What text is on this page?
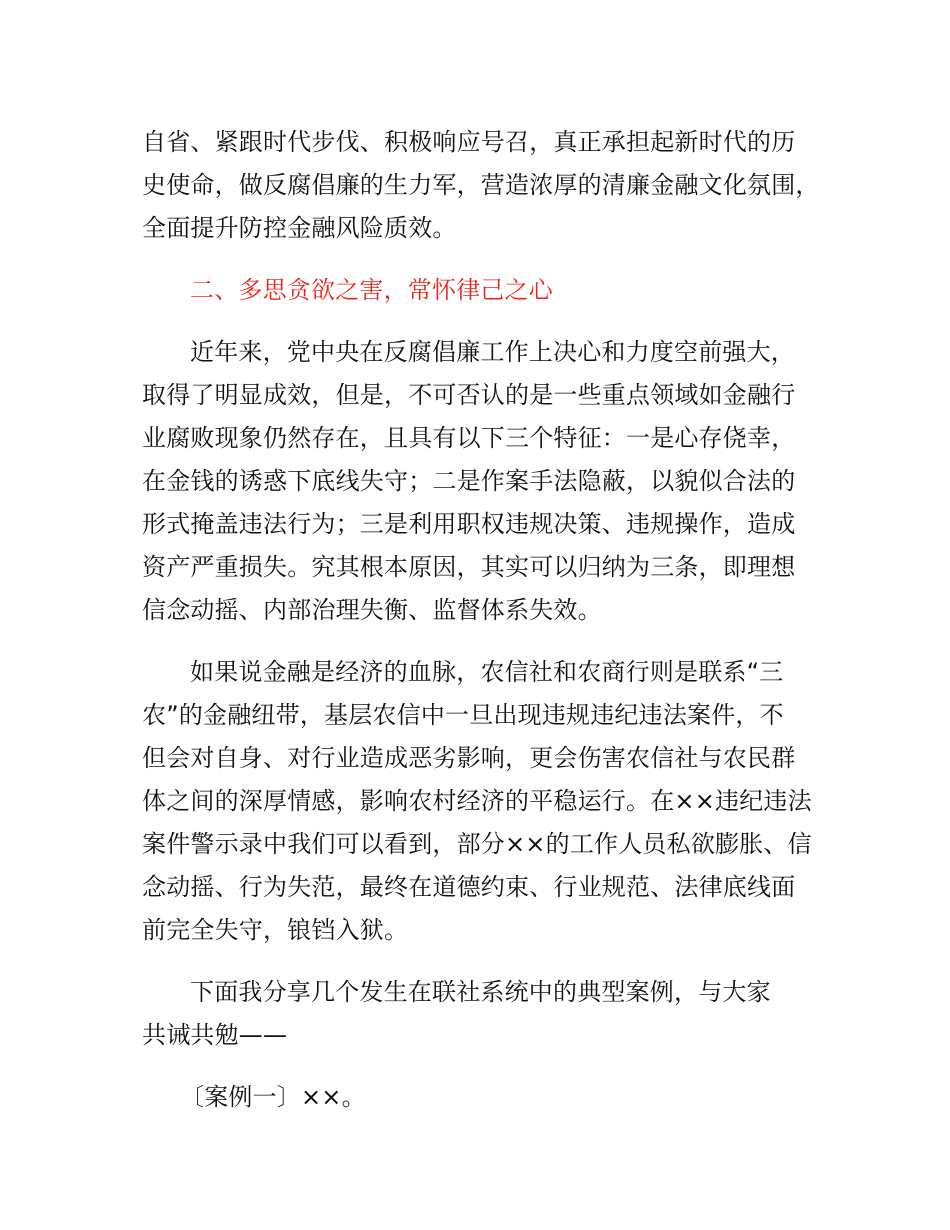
自省、紧跟时代步伐、积极响应号召，真正承担起新时代的历
史使命，做反腐倡廉的生力军，营造浓厚的清廉金融文化氛围，
全面提升防控金融风险质效。
二、多思贪欲之害，常怀律己之心
近年来，党中央在反腐倡廉工作上决心和力度空前强大，
取得了明显成效，但是，不可否认的是一些重点领域如金融行
业腐败现象仍然存在，且具有以下三个特征：一是心存侥幸，
在金钱的诱惑下底线失守；二是作案手法隐蔽，以貌似合法的
形式掩盖违法行为；三是利用职权违规决策、违规操作，造成
资产严重损失。究其根本原因，其实可以归纳为三条，即理想
信念动摇、内部治理失衡、监督体系失效。
如果说金融是经济的血脉，农信社和农商行则是联系“三
农”的金融纽带，基层农信中一旦出现违规违纪违法案件，不
但会对自身、对行业造成恶劣影响，更会伤害农信社与农民群
体之间的深厚情感，影响农村经济的平稳运行。在××违纪违法
案件警示录中我们可以看到，部分××的工作人员私欲膨胀、信
念动摇、行为失范，最终在道德约束、行业规范、法律底线面
前完全失守，锒铛入狱。
下面我分享几个发生在联社系统中的典型案例，与大家
共诫共勉——
〔案例一〕××。
